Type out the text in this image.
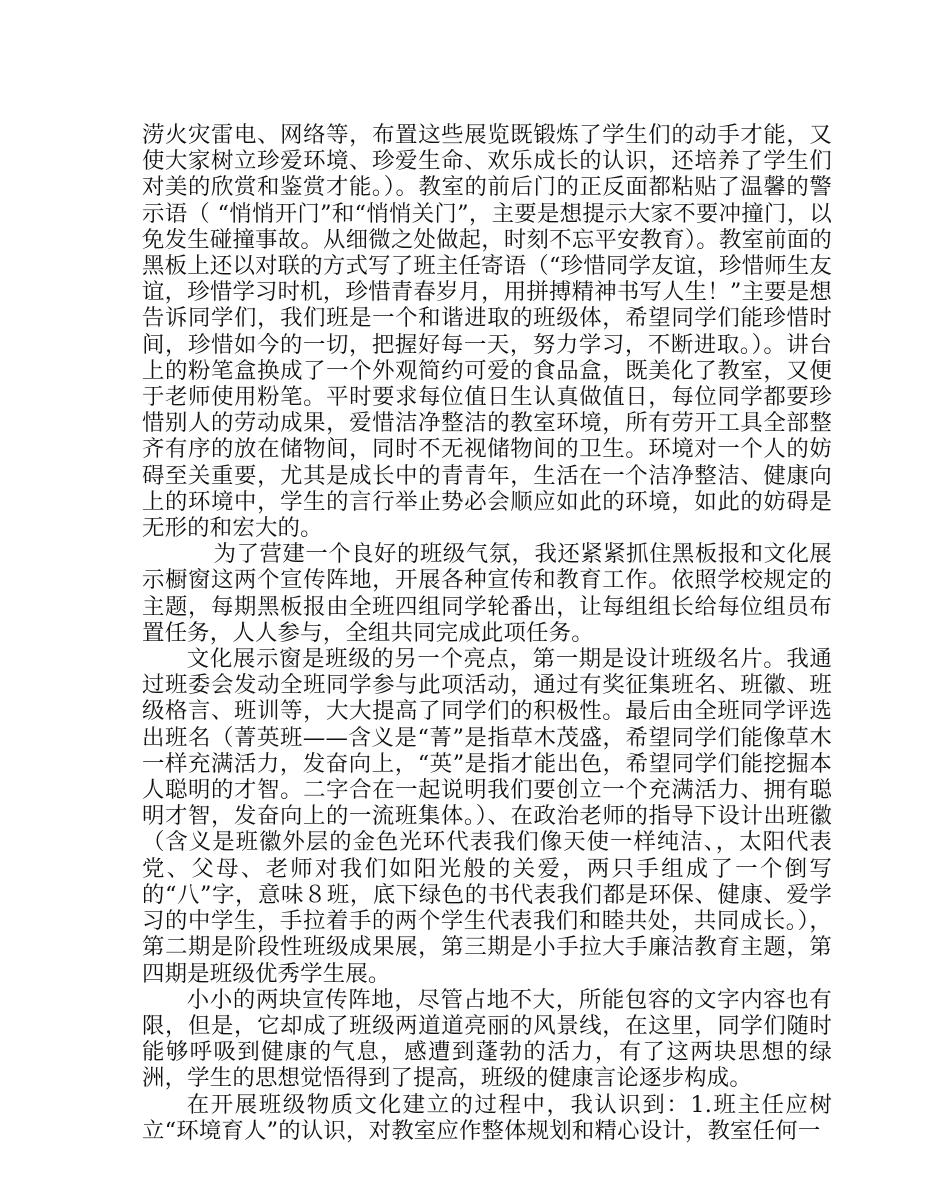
涝火灾雷电、网络等，布置这些展览既锻炼了学生们的动手才能，又使大家树立珍爱环境、珍爱生命、欢乐成长的认识，还培养了学生们对美的欣赏和鉴赏才能。）。教室的前后门的正反面都粘贴了温馨的警示语（ “悄悄开门”和“悄悄关门”，主要是想提示大家不要冲撞门，以免发生碰撞事故。从细微之处做起，时刻不忘平安教育）。教室前面的黑板上还以对联的方式写了班主任寄语（“珍惜同学友谊，珍惜师生友谊，珍惜学习时机，珍惜青春岁月，用拼搏精神书写人生！”主要是想告诉同学们，我们班是一个和谐进取的班级体，希望同学们能珍惜时间，珍惜如今的一切，把握好每一天，努力学习，不断进取。）。讲台上的粉笔盒换成了一个外观简约可爱的食品盒，既美化了教室，又便于老师使用粉笔。平时要求每位值日生认真做值日，每位同学都要珍惜别人的劳动成果，爱惜洁净整洁的教室环境，所有劳开工具全部整齐有序的放在储物间，同时不无视储物间的卫生。环境对一个人的妨碍至关重要，尤其是成长中的青青年，生活在一个洁净整洁、健康向上的环境中，学生的言行举止势必会顺应如此的环境，如此的妨碍是无形的和宏大的。

为了营建一个良好的班级气氛，我还紧紧抓住黑板报和文化展示橱窗这两个宣传阵地，开展各种宣传和教育工作。依照学校规定的主题，每期黑板报由全班四组同学轮番出，让每组组长给每位组员布置任务，人人参与，全组共同完成此项任务。

文化展示窗是班级的另一个亮点，第一期是设计班级名片。我通过班委会发动全班同学参与此项活动，通过有奖征集班名、班徽、班级格言、班训等，大大提高了同学们的积极性。最后由全班同学评选出班名（菁英班——含义是“菁”是指草木茂盛，希望同学们能像草木一样充满活力，发奋向上，“英”是指才能出色，希望同学们能挖掘本人聪明的才智。二字合在一起说明我们要创立一个充满活力、拥有聪明才智，发奋向上的一流班集体。）、在政治老师的指导下设计出班徽（含义是班徽外层的金色光环代表我们像天使一样纯洁、，太阳代表党、父母、老师对我们如阳光般的关爱，两只手组成了一个倒写的“八”字，意味８班，底下绿色的书代表我们都是环保、健康、爱学习的中学生，手拉着手的两个学生代表我们和睦共处，共同成长。），第二期是阶段性班级成果展，第三期是小手拉大手廉洁教育主题，第四期是班级优秀学生展。

小小的两块宣传阵地，尽管占地不大，所能包容的文字内容也有限，但是，它却成了班级两道道亮丽的风景线，在这里，同学们随时能够呼吸到健康的气息，感遭到蓬勃的活力，有了这两块思想的绿洲，学生的思想觉悟得到了提高，班级的健康言论逐步构成。

在开展班级物质文化建立的过程中，我认识到：1.班主任应树立“环境育人”的认识，对教室应作整体规划和精心设计，教室任何一
